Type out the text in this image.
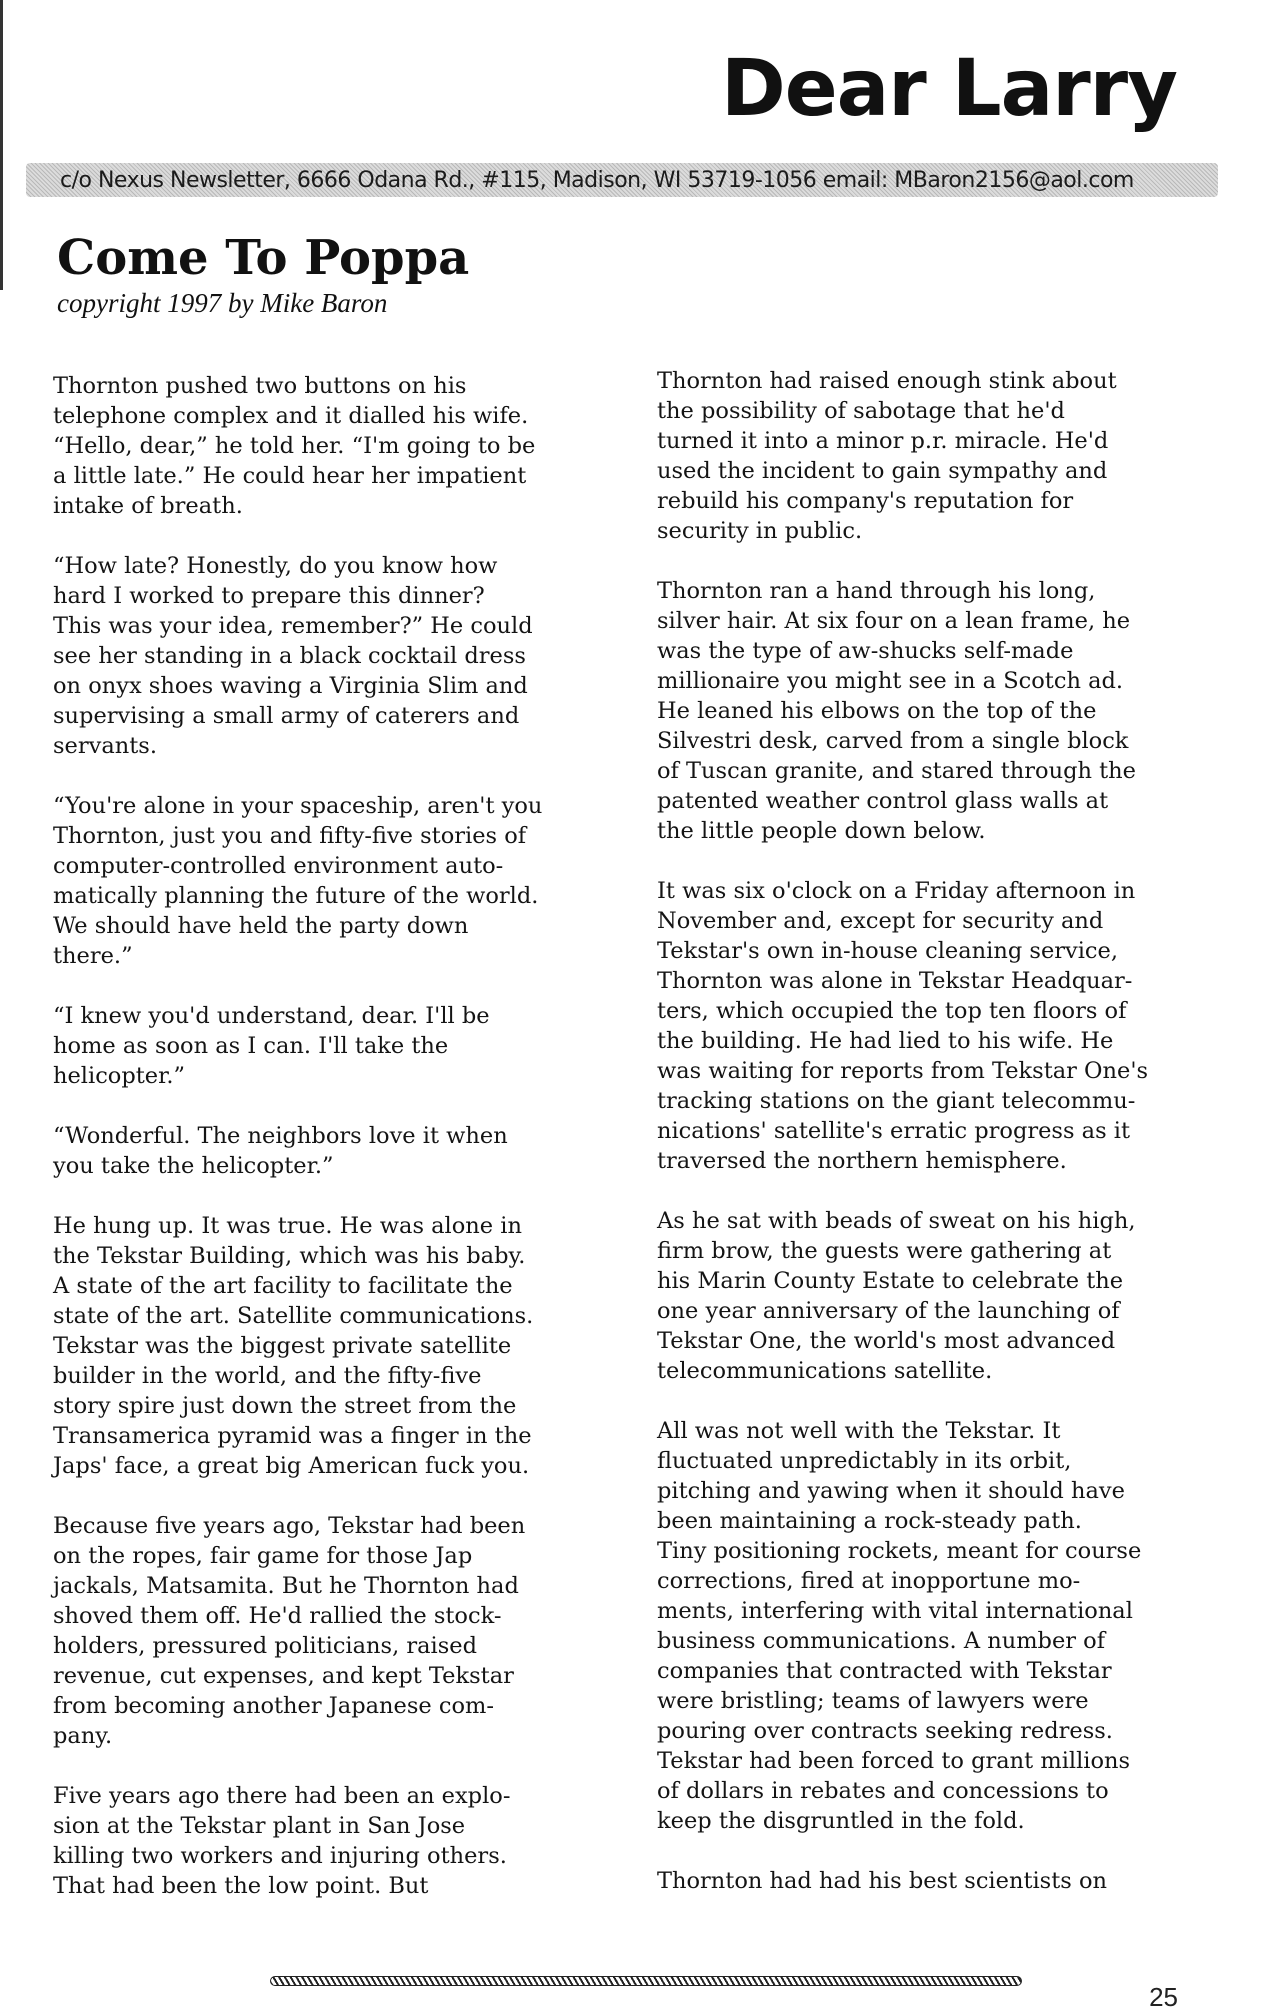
Dear Larry
c/o Nexus Newsletter, 6666 Odana Rd., #115, Madison, WI 53719-1056 email: MBaron2156@aol.com
Come To Poppa
copyright 1997 by Mike Baron

Thornton pushed two buttons on his
telephone complex and it dialled his wife.
“Hello, dear,” he told her. “I'm going to be
a little late.” He could hear her impatient
intake of breath.

“How late? Honestly, do you know how
hard I worked to prepare this dinner?
This was your idea, remember?” He could
see her standing in a black cocktail dress
on onyx shoes waving a Virginia Slim and
supervising a small army of caterers and
servants.

“You're alone in your spaceship, aren't you
Thornton, just you and fifty-five stories of
computer-controlled environment auto-
matically planning the future of the world.
We should have held the party down
there.”

“I knew you'd understand, dear. I'll be
home as soon as I can. I'll take the
helicopter.”

“Wonderful. The neighbors love it when
you take the helicopter.”

He hung up. It was true. He was alone in
the Tekstar Building, which was his baby.
A state of the art facility to facilitate the
state of the art. Satellite communications.
Tekstar was the biggest private satellite
builder in the world, and the fifty-five
story spire just down the street from the
Transamerica pyramid was a finger in the
Japs' face, a great big American fuck you.

Because five years ago, Tekstar had been
on the ropes, fair game for those Jap
jackals, Matsamita. But he Thornton had
shoved them off. He'd rallied the stock-
holders, pressured politicians, raised
revenue, cut expenses, and kept Tekstar
from becoming another Japanese com-
pany.

Five years ago there had been an explo-
sion at the Tekstar plant in San Jose
killing two workers and injuring others.
That had been the low point. But

Thornton had raised enough stink about
the possibility of sabotage that he'd
turned it into a minor p.r. miracle. He'd
used the incident to gain sympathy and
rebuild his company's reputation for
security in public.

Thornton ran a hand through his long,
silver hair. At six four on a lean frame, he
was the type of aw-shucks self-made
millionaire you might see in a Scotch ad.
He leaned his elbows on the top of the
Silvestri desk, carved from a single block
of Tuscan granite, and stared through the
patented weather control glass walls at
the little people down below.

It was six o'clock on a Friday afternoon in
November and, except for security and
Tekstar's own in-house cleaning service,
Thornton was alone in Tekstar Headquar-
ters, which occupied the top ten floors of
the building. He had lied to his wife. He
was waiting for reports from Tekstar One's
tracking stations on the giant telecommu-
nications' satellite's erratic progress as it
traversed the northern hemisphere.

As he sat with beads of sweat on his high,
firm brow, the guests were gathering at
his Marin County Estate to celebrate the
one year anniversary of the launching of
Tekstar One, the world's most advanced
telecommunications satellite.

All was not well with the Tekstar. It
fluctuated unpredictably in its orbit,
pitching and yawing when it should have
been maintaining a rock-steady path.
Tiny positioning rockets, meant for course
corrections, fired at inopportune mo-
ments, interfering with vital international
business communications. A number of
companies that contracted with Tekstar
were bristling; teams of lawyers were
pouring over contracts seeking redress.
Tekstar had been forced to grant millions
of dollars in rebates and concessions to
keep the disgruntled in the fold.

Thornton had had his best scientists on

25
